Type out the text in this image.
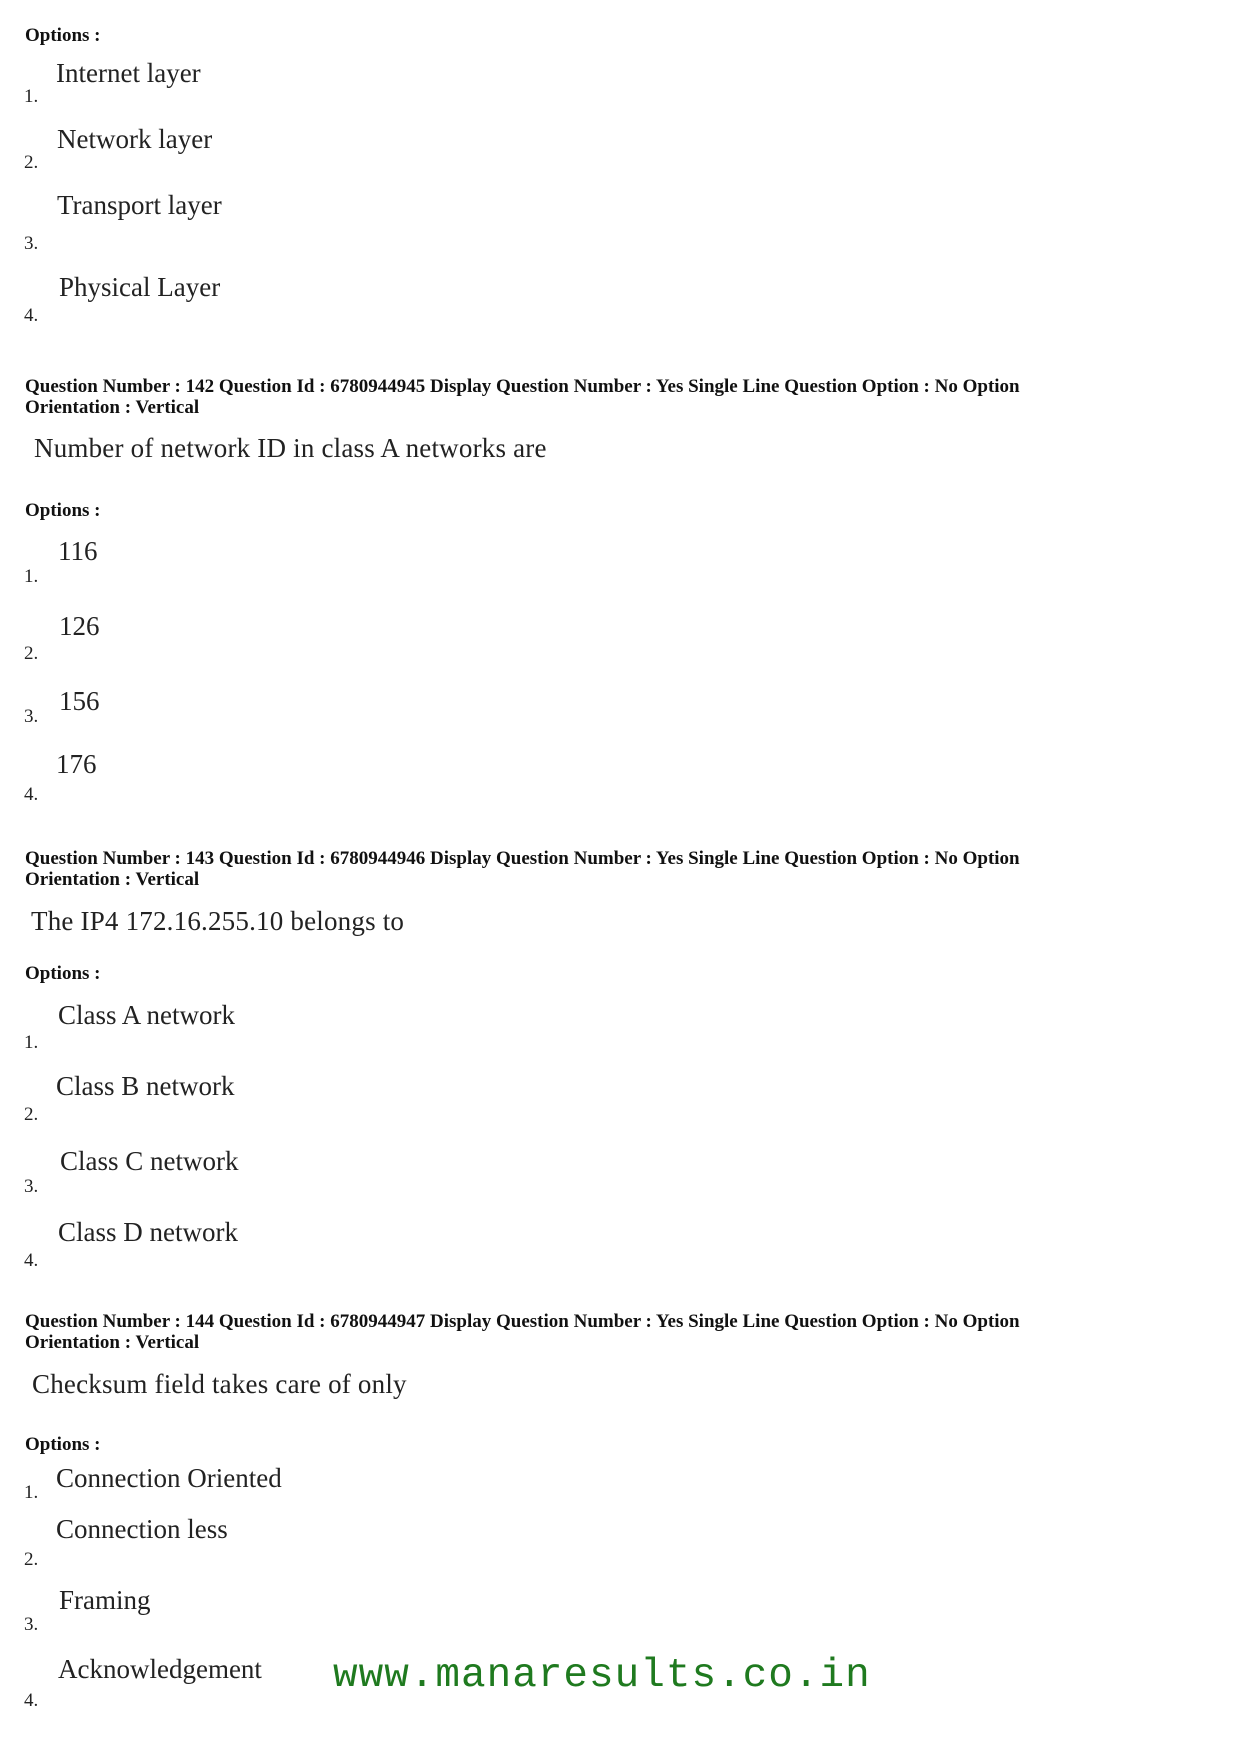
Options :
Internet layer
1.
Network layer
2.
Transport layer
3.
Physical Layer
4.
Question Number : 142 Question Id : 6780944945 Display Question Number : Yes Single Line Question Option : No Option
Orientation : Vertical
Number of network ID in class A networks are
Options :
116
1.
126
2.
156
3.
176
4.
Question Number : 143 Question Id : 6780944946 Display Question Number : Yes Single Line Question Option : No Option
Orientation : Vertical
The IP4 172.16.255.10 belongs to
Options :
Class A network
1.
Class B network
2.
Class C network
3.
Class D network
4.
Question Number : 144 Question Id : 6780944947 Display Question Number : Yes Single Line Question Option : No Option
Orientation : Vertical
Checksum field takes care of only
Options :
Connection Oriented
1.
Connection less
2.
Framing
3.
Acknowledgement
4.
www.manaresults.co.in
